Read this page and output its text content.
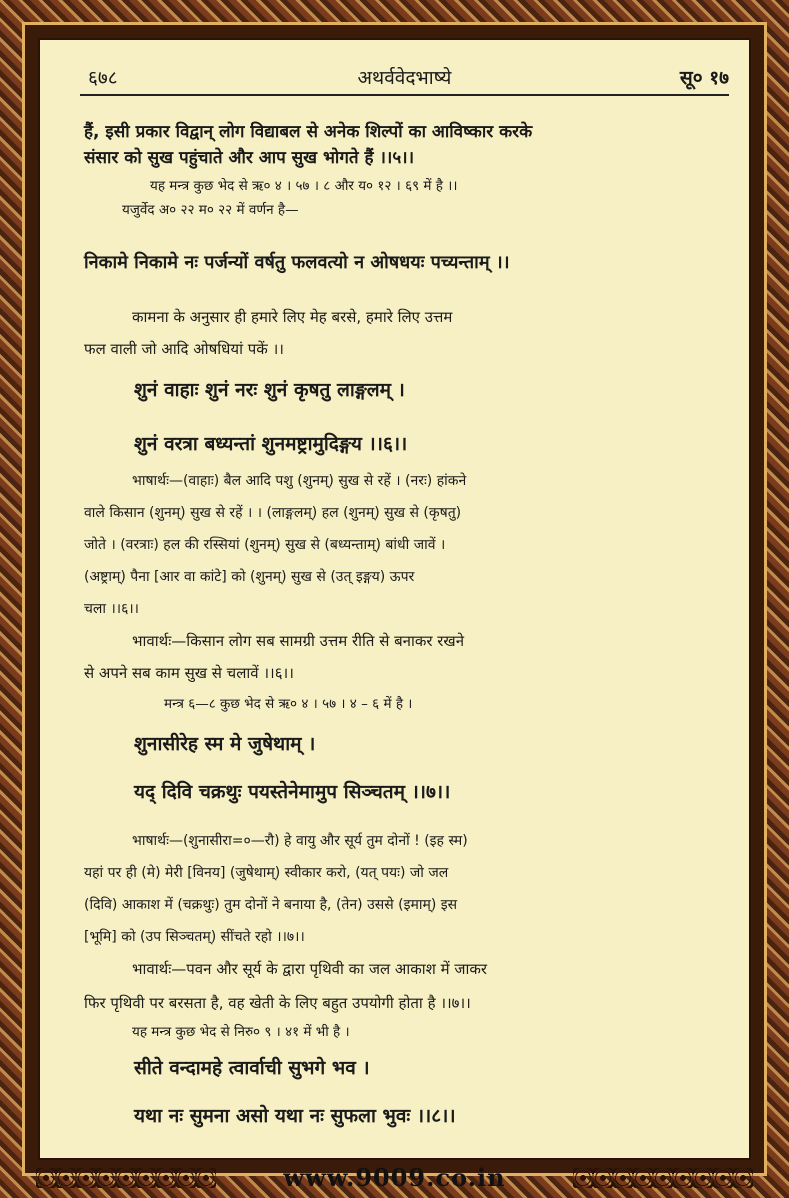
६७८	अथर्ववेदभाष्ये	सू० १७
हैं, इसी प्रकार विद्वान् लोग विद्याबल से अनेक शिल्पों का आविष्कार करके
संसार को सुख पहुंचाते और आप सुख भोगते हैं ।।५।।
यह मन्त्र कुछ भेद से ऋ० ४ । ५७ । ८ और य० १२ । ६९ में है ।।
यजुर्वेद अ० २२ म० २२ में वर्णन है—
निकामे निकामे नः पर्जन्यों वर्षतु फलवत्यो न ओषधयः पच्यन्ताम् ।।
कामना के अनुसार ही हमारे लिए मेह बरसे, हमारे लिए उत्तम
फल वाली जो आदि ओषधियां पकें ।।
शुनं वाहाः शुनं नरः शुनं कृषतु लाङ्गलम् ।
शुनं वरत्रा बध्यन्तां शुनमष्ट्रामुदिङ्गय ।।६।।
भाषार्थः—(वाहाः) बैल आदि पशु (शुनम्) सुख से रहें । (नरः) हांकने
वाले किसान (शुनम्) सुख से रहें । । (लाङ्गलम्) हल (शुनम्) सुख से (कृषतु)
जोते । (वरत्राः) हल की रस्सियां (शुनम्) सुख से (बध्यन्ताम्) बांधी जावें ।
(अष्ट्राम्) पैना [आर वा कांटे] को (शुनम्) सुख से (उत् इङ्गय) ऊपर
चला ।।६।।
भावार्थः—किसान लोग सब सामग्री उत्तम रीति से बनाकर रखने
से अपने सब काम सुख से चलावें ।।६।।
मन्त्र ६—८ कुछ भेद से ऋ० ४ । ५७ । ४ – ६ में है ।
शुनासीरेह स्म मे जुषेथाम् ।
यद् दिवि चक्रथुः पयस्तेनेमामुप सिञ्चतम् ।।७।।
भाषार्थः—(शुनासीरा=०—रौ) हे वायु और सूर्य तुम दोनों ! (इह स्म)
यहां पर ही (मे) मेरी [विनय] (जुषेथाम्) स्वीकार करो, (यत् पयः) जो जल
(दिवि) आकाश में (चक्रथुः) तुम दोनों ने बनाया है, (तेन) उससे (इमाम्) इस
[भूमि] को (उप सिञ्चतम्) सींचते रहो ।।७।।
भावार्थः—पवन और सूर्य के द्वारा पृथिवी का जल आकाश में जाकर
फिर पृथिवी पर बरसता है, वह खेती के लिए बहुत उपयोगी होता है ।।७।।
यह मन्त्र कुछ भेद से निरु० ९ । ४१ में भी है ।
सीते वन्दामहे त्वार्वाची सुभगे भव ।
यथा नः सुमना असो यथा नः सुफला भुवः ।।८।।
www.9009.co.in
